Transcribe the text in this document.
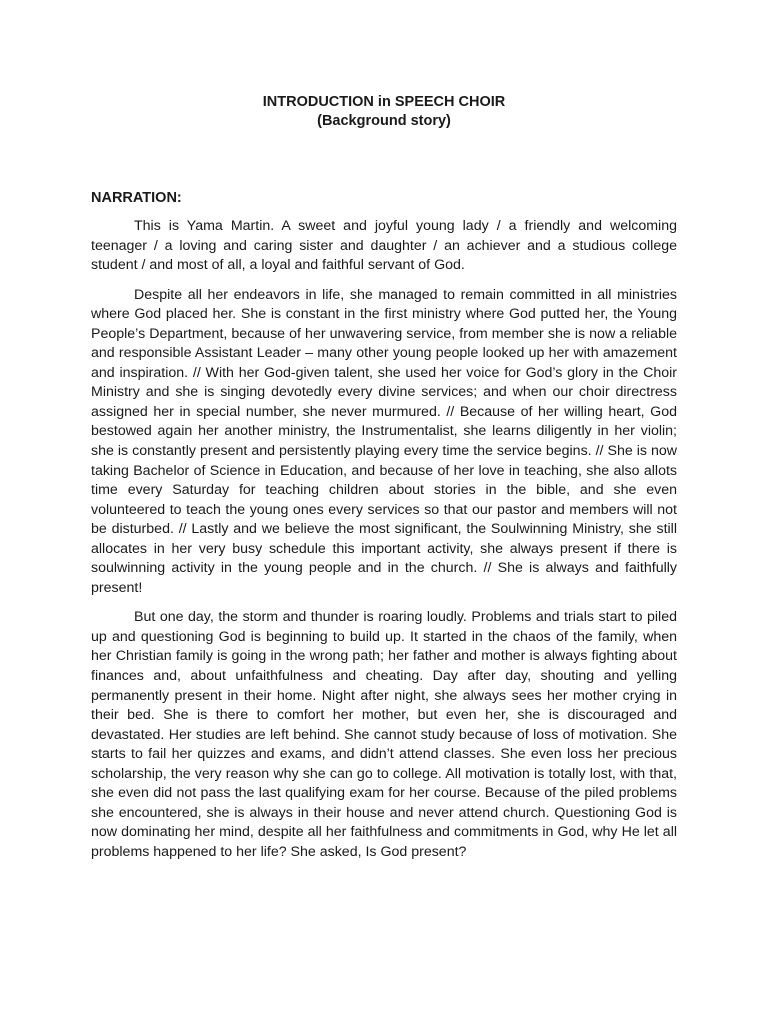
INTRODUCTION in SPEECH CHOIR
(Background story)
NARRATION:

This is Yama Martin. A sweet and joyful young lady / a friendly and welcoming teenager / a loving and caring sister and daughter / an achiever and a studious college student / and most of all, a loyal and faithful servant of God.

Despite all her endeavors in life, she managed to remain committed in all ministries where God placed her. She is constant in the first ministry where God putted her, the Young People’s Department, because of her unwavering service, from member she is now a reliable and responsible Assistant Leader – many other young people looked up her with amazement and inspiration. // With her God-given talent, she used her voice for God’s glory in the Choir Ministry and she is singing devotedly every divine services; and when our choir directress assigned her in special number, she never murmured. // Because of her willing heart, God bestowed again her another ministry, the Instrumentalist, she learns diligently in her violin; she is constantly present and persistently playing every time the service begins. // She is now taking Bachelor of Science in Education, and because of her love in teaching, she also allots time every Saturday for teaching children about stories in the bible, and she even volunteered to teach the young ones every services so that our pastor and members will not be disturbed. // Lastly and we believe the most significant, the Soulwinning Ministry, she still allocates in her very busy schedule this important activity, she always present if there is soulwinning activity in the young people and in the church. // She is always and faithfully present!

But one day, the storm and thunder is roaring loudly. Problems and trials start to piled up and questioning God is beginning to build up. It started in the chaos of the family, when her Christian family is going in the wrong path; her father and mother is always fighting about finances and, about unfaithfulness and cheating. Day after day, shouting and yelling permanently present in their home. Night after night, she always sees her mother crying in their bed. She is there to comfort her mother, but even her, she is discouraged and devastated. Her studies are left behind. She cannot study because of loss of motivation. She starts to fail her quizzes and exams, and didn’t attend classes. She even loss her precious scholarship, the very reason why she can go to college. All motivation is totally lost, with that, she even did not pass the last qualifying exam for her course. Because of the piled problems she encountered, she is always in their house and never attend church. Questioning God is now dominating her mind, despite all her faithfulness and commitments in God, why He let all problems happened to her life? She asked, Is God present?
